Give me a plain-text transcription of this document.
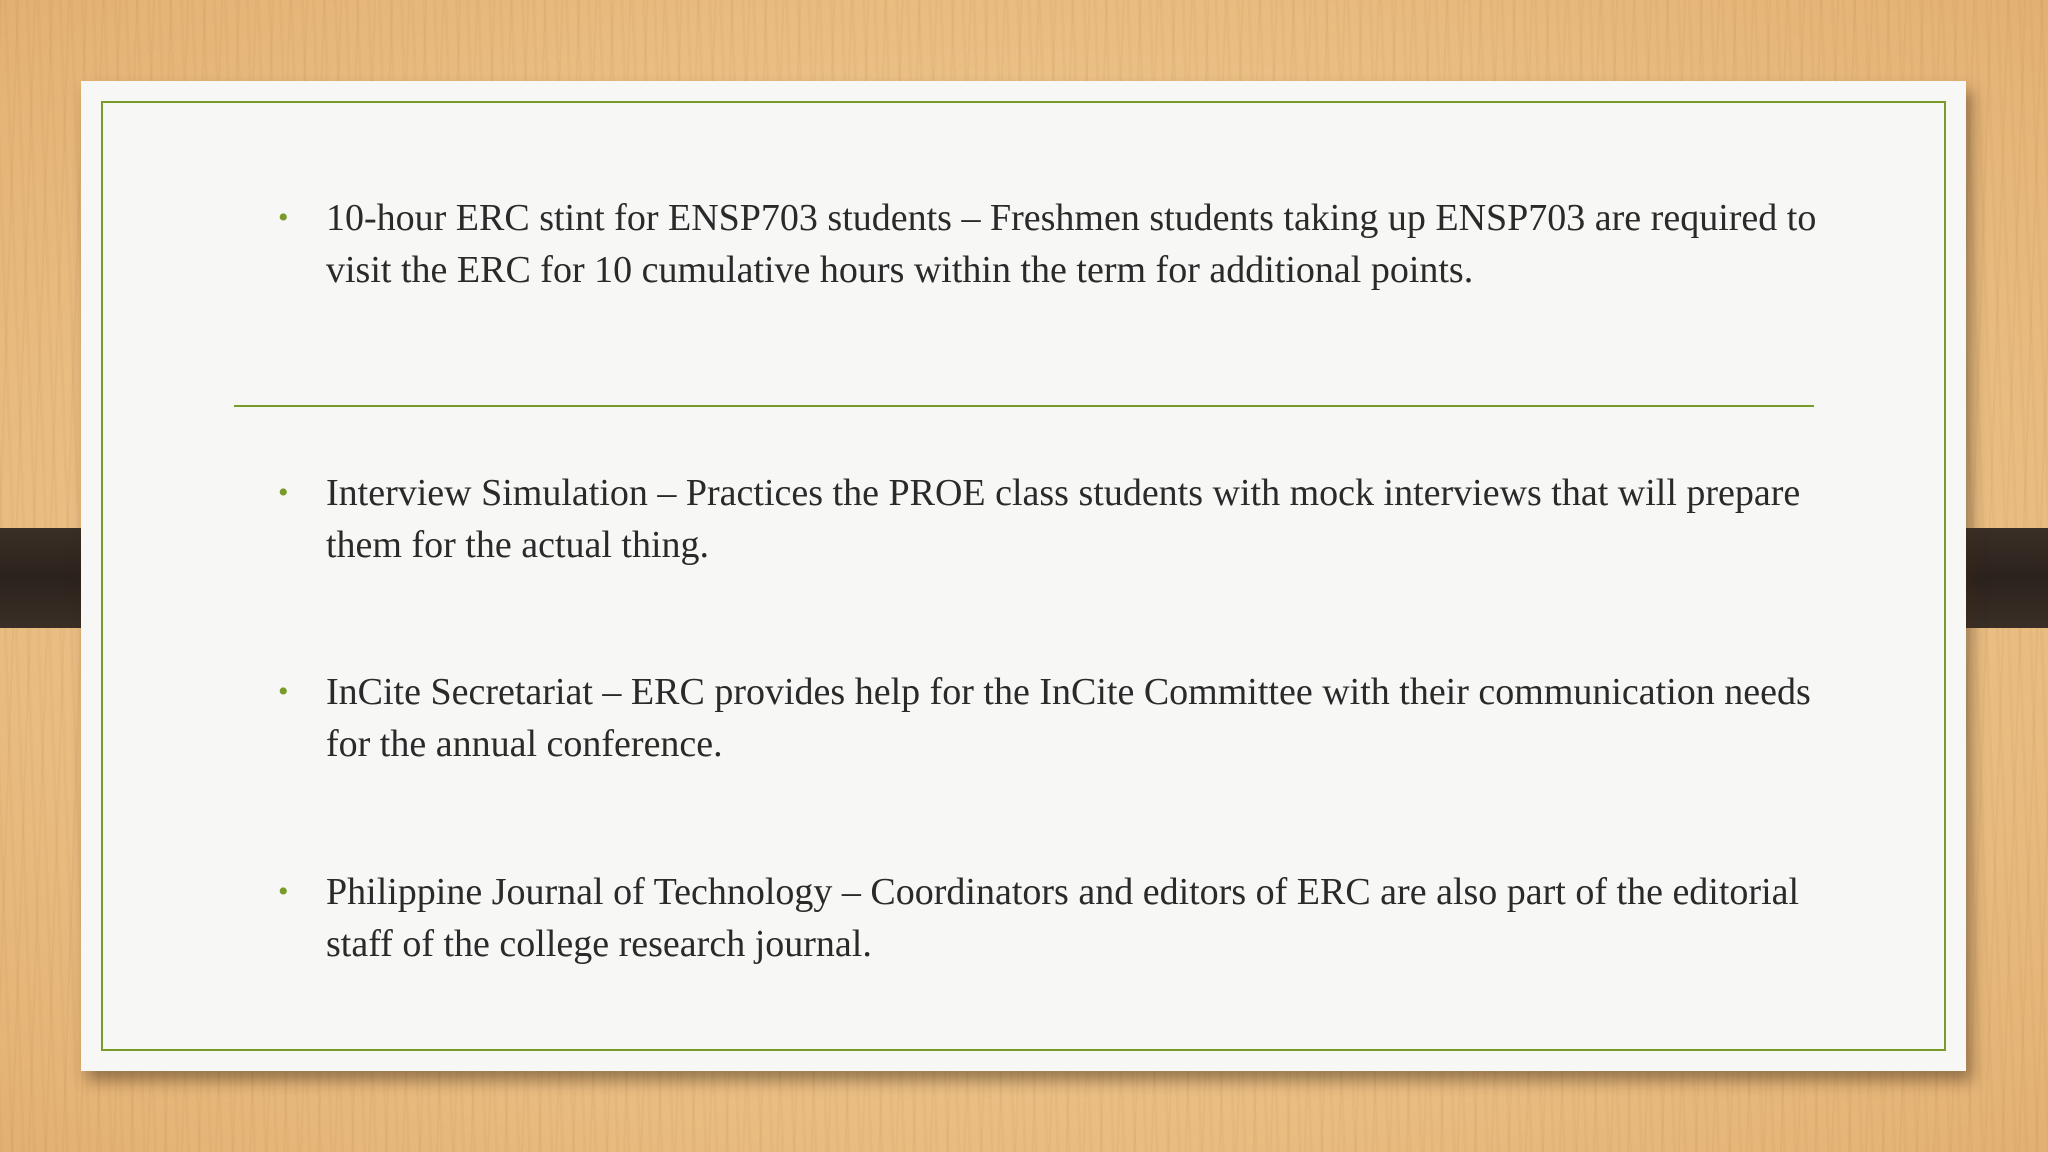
• 10-hour ERC stint for ENSP703 students – Freshmen students taking up ENSP703 are required to visit the ERC for 10 cumulative hours within the term for additional points.
• Interview Simulation – Practices the PROE class students with mock interviews that will prepare them for the actual thing.
• InCite Secretariat – ERC provides help for the InCite Committee with their communication needs for the annual conference.
• Philippine Journal of Technology – Coordinators and editors of ERC are also part of the editorial staff of the college research journal.
